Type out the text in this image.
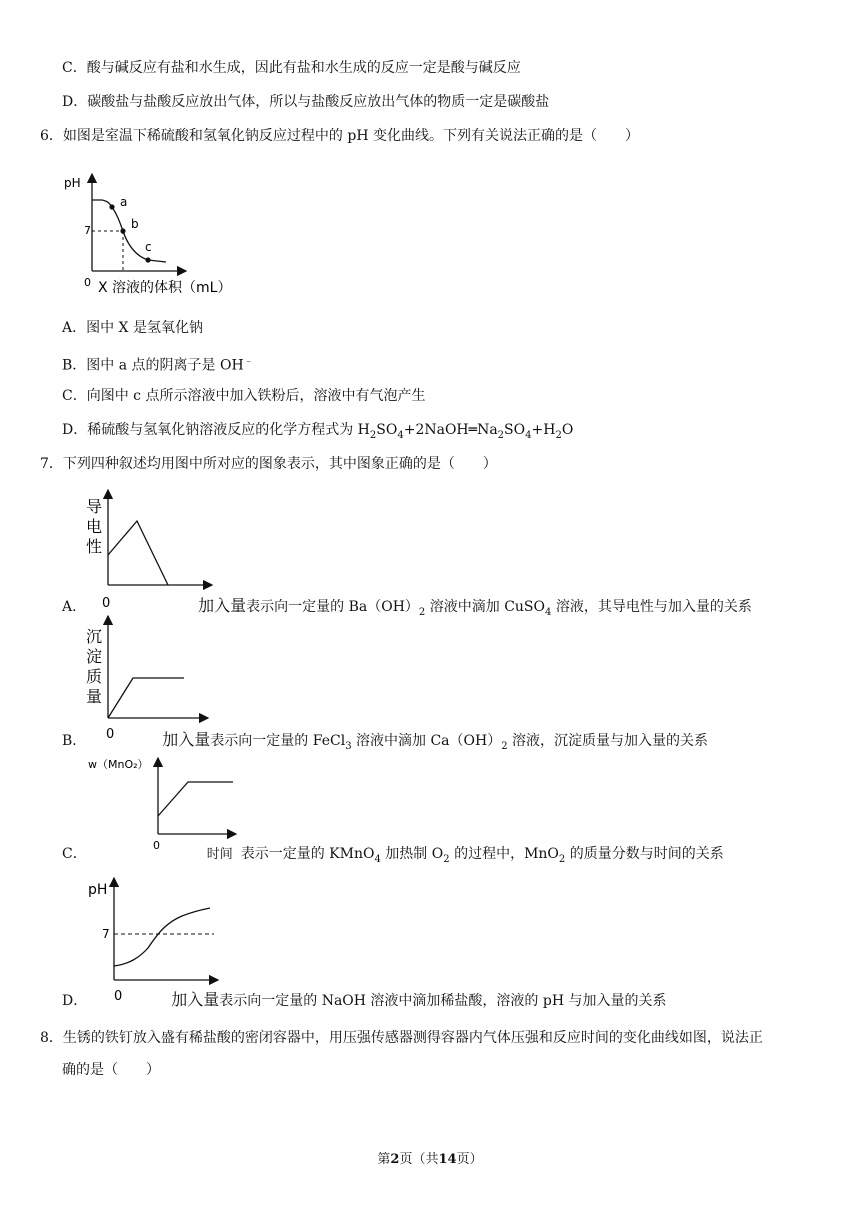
C．酸与碱反应有盐和水生成，因此有盐和水生成的反应一定是酸与碱反应
D．碳酸盐与盐酸反应放出气体，所以与盐酸反应放出气体的物质一定是碳酸盐
6．如图是室温下稀硫酸和氢氧化钠反应过程中的 pH 变化曲线。下列有关说法正确的是（　　）
pH
7
a
b
c
0 X 溶液的体积（mL）
A．图中 X 是氢氧化钠
B．图中 a 点的阴离子是 OH﹣
C．向图中 c 点所示溶液中加入铁粉后，溶液中有气泡产生
D．稀硫酸与氢氧化钠溶液反应的化学方程式为 $H_2SO_4+2NaOH═Na_2SO_4+H_2O$
7．下列四种叙述均用图中所对应的图象表示，其中图象正确的是（　　）
导
电
性
0
A．	加入量表示向一定量的 $Ba(OH)_2$ 溶液中滴加 CuSO$_4$ 溶液，其导电性与加入量的关系
沉
淀
质
量
0
B．	加入量表示向一定量的 FeCl$_3$ 溶液中滴加 $Ca(OH)_2$ 溶液，沉淀质量与加入量的关系
w（MnO₂）
0
C．	时间 表示一定量的 KMnO$_4$ 加热制 $O_2$ 的过程中，MnO$_2$ 的质量分数与时间的关系
pH
7
0
D．	加入量表示向一定量的 NaOH 溶液中滴加稀盐酸，溶液的 pH 与加入量的关系
8．生锈的铁钉放入盛有稀盐酸的密闭容器中，用压强传感器测得容器内气体压强和反应时间的变化曲线如图，说法正
确的是（　　）
第2页（共14页）
